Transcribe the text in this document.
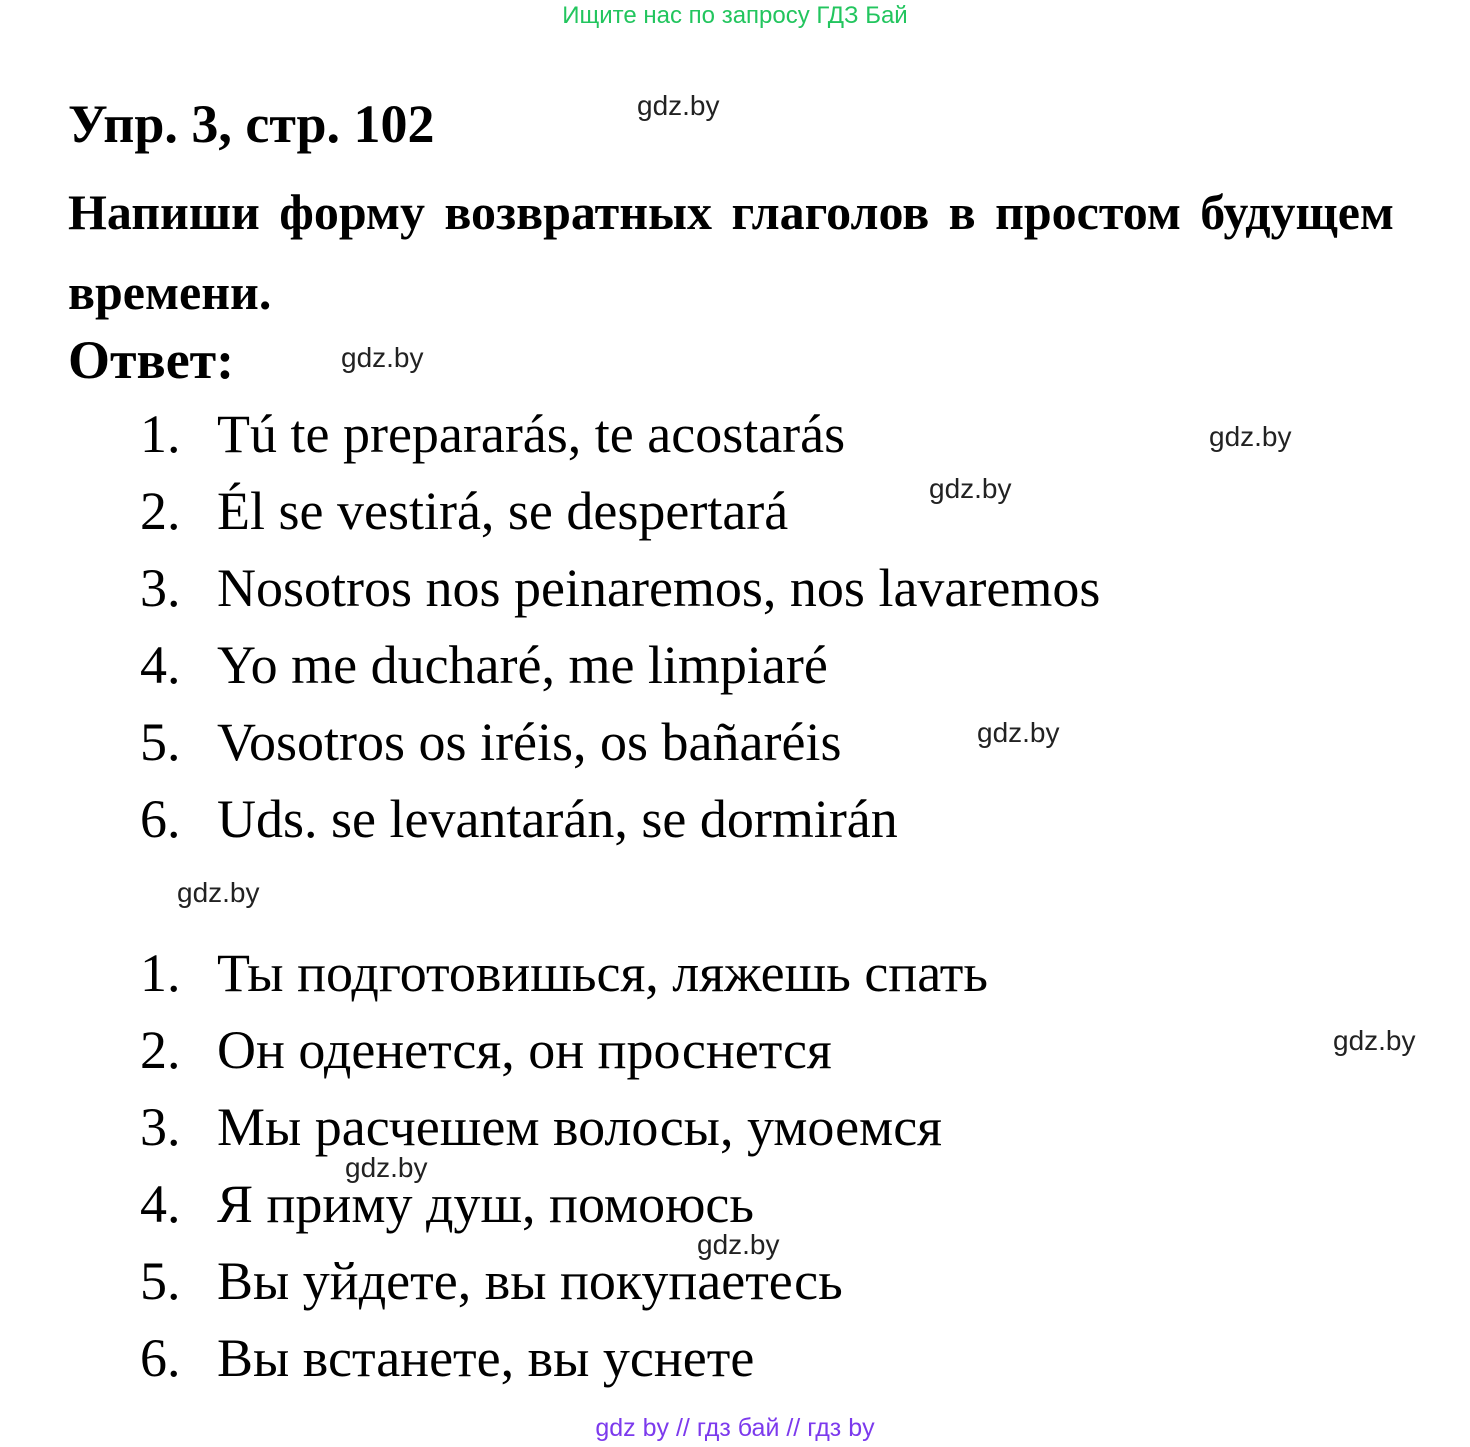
Ищите нас по запросу ГДЗ Бай
Упр. 3, стр. 102
Напиши форму возвратных глаголов в простом будущем времени.
Ответ:
1. Tú te prepararás, te acostarás
2. Él se vestirá, se despertará
3. Nosotros nos peinaremos, nos lavaremos
4. Yo me ducharé, me limpiaré
5. Vosotros os iréis, os bañaréis
6. Uds. se levantarán, se dormirán
1. Ты подготовишься, ляжешь спать
2. Он оденется, он проснется
3. Мы расчешем волосы, умоемся
4. Я приму душ, помоюсь
5. Вы уйдете, вы покупаетесь
6. Вы встанете, вы уснете
gdz.by
gdz.by
gdz.by
gdz.by
gdz.by
gdz.by
gdz.by
gdz.by
gdz.by
gdz by // гдз бай // гдз by
